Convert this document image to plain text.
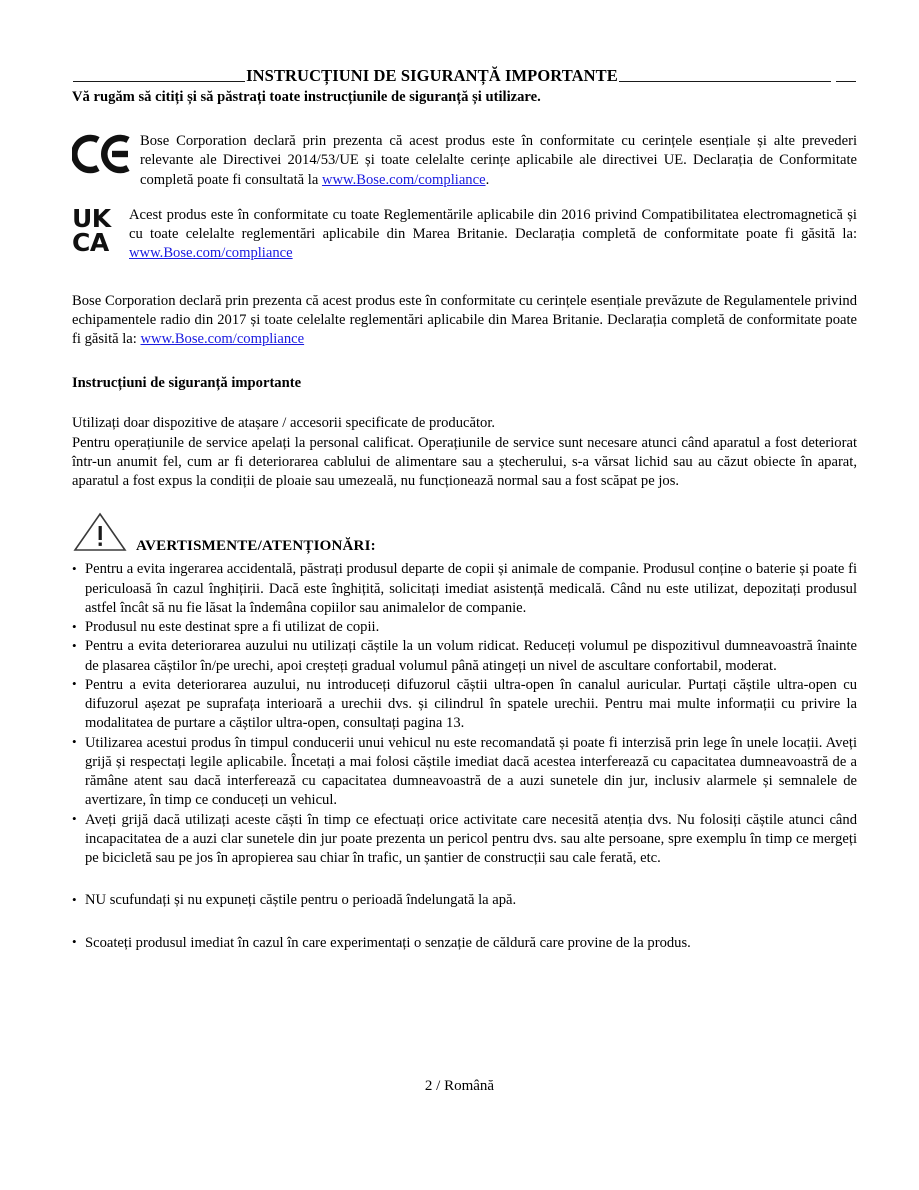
INSTRUCȚIUNI DE SIGURANȚĂ IMPORTANTE
Vă rugăm să citiți și să păstrați toate instrucțiunile de siguranță și utilizare.
Bose Corporation declară prin prezenta că acest produs este în conformitate cu cerințele esențiale și alte prevederi relevante ale Directivei 2014/53/UE și toate celelalte cerințe aplicabile ale directivei UE. Declarația de Conformitate completă poate fi consultată la www.Bose.com/compliance.
UK
CA
Acest produs este în conformitate cu toate Reglementările aplicabile din 2016 privind Compatibilitatea electromagnetică și cu toate celelalte reglementări aplicabile din Marea Britanie. Declarația completă de conformitate poate fi găsită la: www.Bose.com/compliance
Bose Corporation declară prin prezenta că acest produs este în conformitate cu cerințele esențiale prevăzute de Regulamentele privind echipamentele radio din 2017 și toate celelalte reglementări aplicabile din Marea Britanie. Declarația completă de conformitate poate fi găsită la: www.Bose.com/compliance
Instrucțiuni de siguranță importante
Utilizați doar dispozitive de atașare / accesorii specificate de producător.
Pentru operațiunile de service apelați la personal calificat. Operațiunile de service sunt necesare atunci când aparatul a fost deteriorat într-un anumit fel, cum ar fi deteriorarea cablului de alimentare sau a ștecherului, s-a vărsat lichid sau au căzut obiecte în aparat, aparatul a fost expus la condiții de ploaie sau umezeală, nu funcționează normal sau a fost scăpat pe jos.
AVERTISMENTE/ATENȚIONĂRI:
• Pentru a evita ingerarea accidentală, păstrați produsul departe de copii și animale de companie. Produsul conține o baterie și poate fi periculoasă în cazul înghițirii. Dacă este înghițită, solicitați imediat asistență medicală. Când nu este utilizat, depozitați produsul astfel încât să nu fie lăsat la îndemâna copiilor sau animalelor de companie.
• Produsul nu este destinat spre a fi utilizat de copii.
• Pentru a evita deteriorarea auzului nu utilizați căștile la un volum ridicat. Reduceți volumul pe dispozitivul dumneavoastră înainte de plasarea căștilor în/pe urechi, apoi creșteți gradual volumul până atingeți un nivel de ascultare confortabil, moderat.
• Pentru a evita deteriorarea auzului, nu introduceți difuzorul căștii ultra-open în canalul auricular. Purtați căștile ultra-open cu difuzorul așezat pe suprafața interioară a urechii dvs. și cilindrul în spatele urechii. Pentru mai multe informații cu privire la modalitatea de purtare a căștilor ultra-open, consultați pagina 13.
• Utilizarea acestui produs în timpul conducerii unui vehicul nu este recomandată și poate fi interzisă prin lege în unele locații. Aveți grijă și respectați legile aplicabile. Încetați a mai folosi căștile imediat dacă acestea interferează cu capacitatea dumneavoastră de a rămâne atent sau dacă interferează cu capacitatea dumneavoastră de a auzi sunetele din jur, inclusiv alarmele și semnalele de avertizare, în timp ce conduceți un vehicul.
• Aveți grijă dacă utilizați aceste căști în timp ce efectuați orice activitate care necesită atenția dvs. Nu folosiți căștile atunci când incapacitatea de a auzi clar sunetele din jur poate prezenta un pericol pentru dvs. sau alte persoane, spre exemplu în timp ce mergeți pe bicicletă sau pe jos în apropierea sau chiar în trafic, un șantier de construcții sau cale ferată, etc.
• NU scufundați și nu expuneți căștile pentru o perioadă îndelungată la apă.
• Scoateți produsul imediat în cazul în care experimentați o senzație de căldură care provine de la produs.
2 / Română
